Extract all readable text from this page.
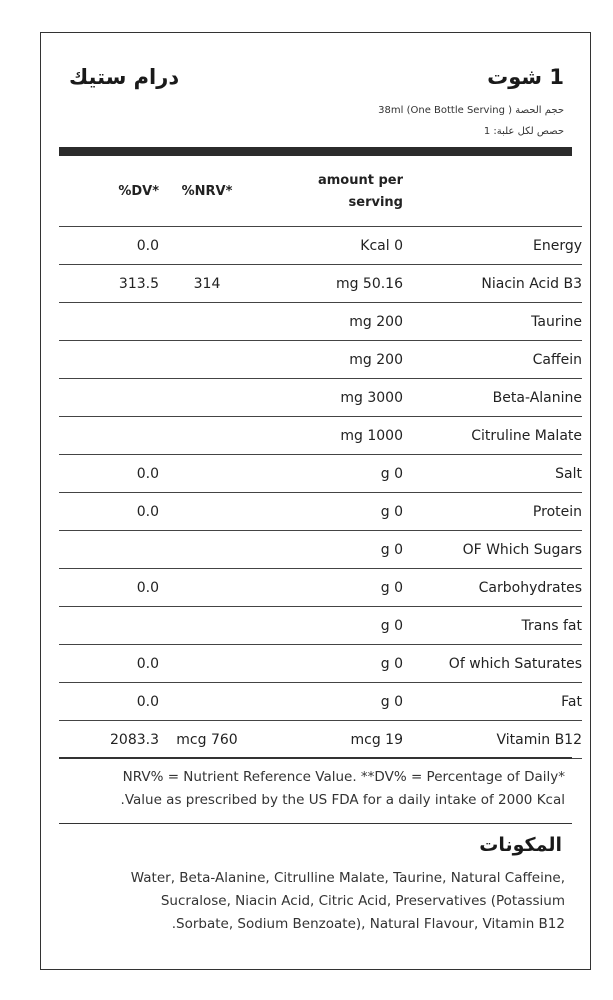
درام ستيك	1 شوت
حجم الحصة ( 38ml (One Bottle Serving
حصص لكل علبة: 1
%DV*	%NRV*	amount per
serving	
0.0		Kcal 0	Energy
313.5	314	mg 50.16	Niacin Acid B3
		mg 200	Taurine
		mg 200	Caffein
		mg 3000	Beta-Alanine
		mg 1000	Citruline Malate
0.0		g 0	Salt
0.0		g 0	Protein
		g 0	OF Which Sugars
0.0		g 0	Carbohydrates
		g 0	Trans fat
0.0		g 0	Of which Saturates
0.0		g 0	Fat
2083.3	mcg 760	mcg 19	Vitamin B12
NRV% = Nutrient Reference Value. **DV% = Percentage of Daily*
.Value as prescribed by the US FDA for a daily intake of 2000 Kcal
المكونات
Water, Beta-Alanine, Citrulline Malate, Taurine, Natural Caffeine,
Sucralose, Niacin Acid, Citric Acid, Preservatives (Potassium
.Sorbate, Sodium Benzoate), Natural Flavour, Vitamin B12
